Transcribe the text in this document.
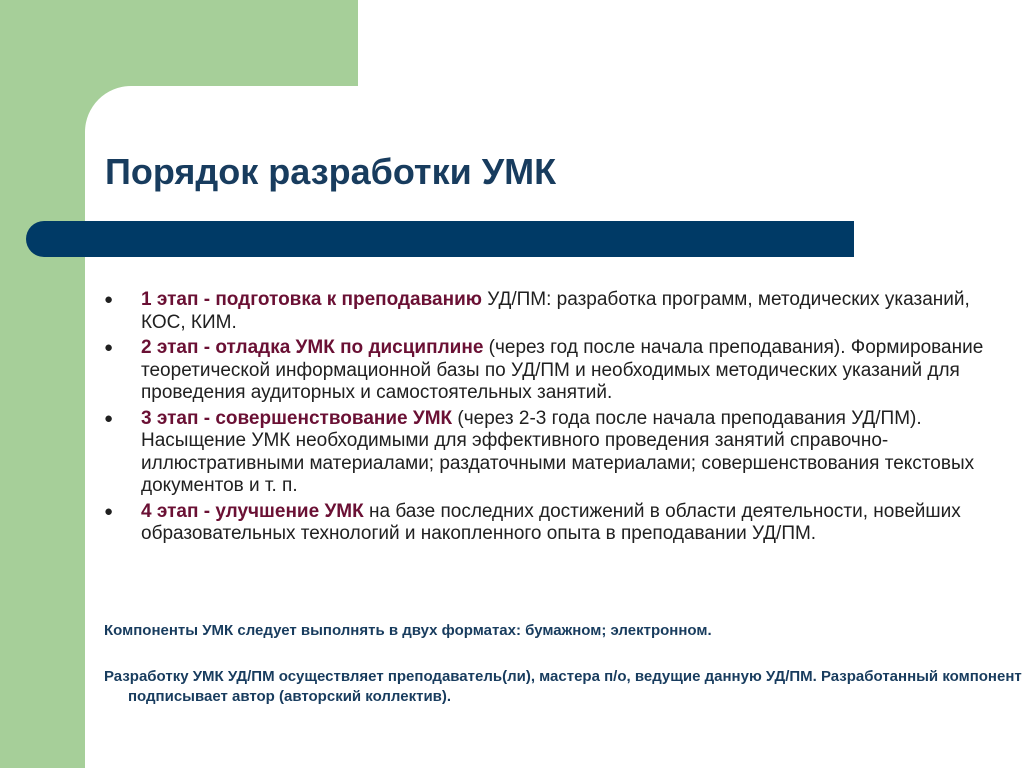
Порядок разработки УМК
● 1 этап - подготовка к преподаванию УД/ПМ: разработка программ, методических указаний, КОС, КИМ.
● 2 этап - отладка УМК по дисциплине (через год после начала преподавания). Формирование теоретической информационной базы по УД/ПМ и необходимых методических указаний для проведения аудиторных и самостоятельных занятий.
● 3 этап - совершенствование УМК (через 2-3 года после начала преподавания УД/ПМ). Насыщение УМК необходимыми для эффективного проведения занятий справочно-иллюстративными материалами; раздаточными материалами; совершенствования текстовых документов и т. п.
● 4 этап - улучшение УМК на базе последних достижений в области деятельности, новейших образовательных технологий и накопленного опыта в преподавании УД/ПМ.

Компоненты УМК следует выполнять в двух форматах: бумажном; электронном.

Разработку УМК УД/ПМ осуществляет преподаватель(ли), мастера п/о, ведущие данную УД/ПМ. Разработанный компонент подписывает автор (авторский коллектив).
